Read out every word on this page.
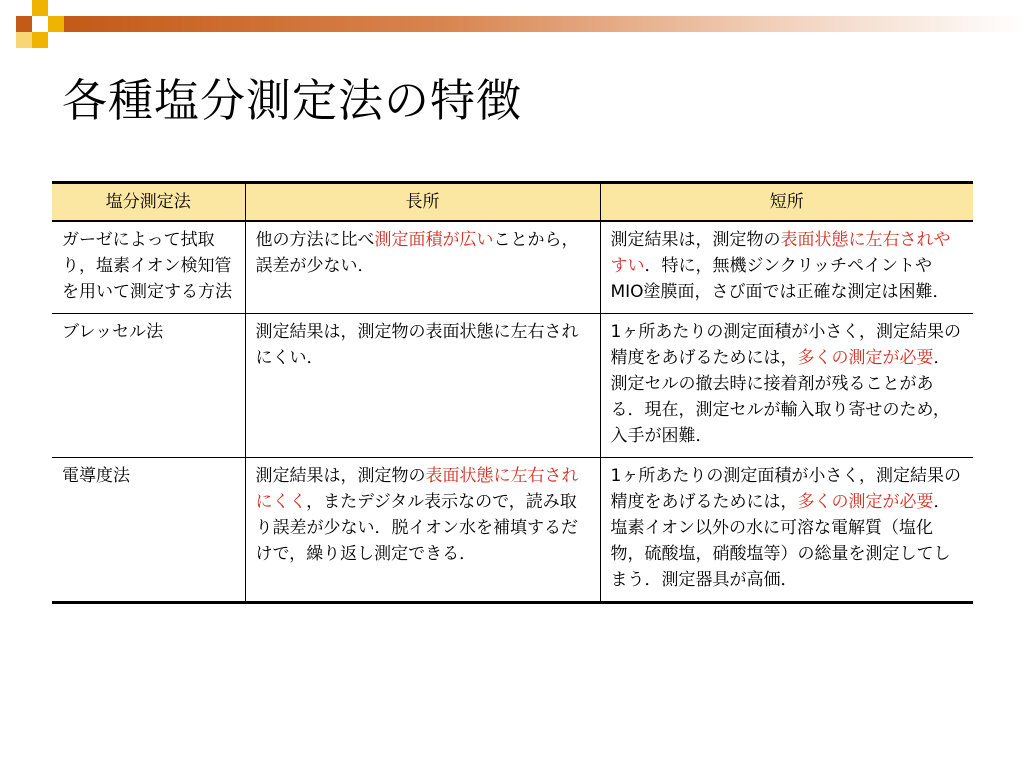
各種塩分測定法の特徴
塩分測定法	長所	短所
ガーゼによって拭取り，塩素イオン検知管を用いて測定する方法	他の方法に比べ測定面積が広いことから，誤差が少ない．	測定結果は，測定物の表面状態に左右されやすい．特に，無機ジンクリッチペイントやMIO塗膜面，さび面では正確な測定は困難．
ブレッセル法	測定結果は，測定物の表面状態に左右されにくい．	1ヶ所あたりの測定面積が小さく，測定結果の精度をあげるためには，多くの測定が必要．測定セルの撤去時に接着剤が残ることがある．現在，測定セルが輸入取り寄せのため，入手が困難．
電導度法	測定結果は，測定物の表面状態に左右されにくく，またデジタル表示なので，読み取り誤差が少ない．脱イオン水を補填するだけで，繰り返し測定できる．	1ヶ所あたりの測定面積が小さく，測定結果の精度をあげるためには，多くの測定が必要．塩素イオン以外の水に可溶な電解質（塩化物，硫酸塩，硝酸塩等）の総量を測定してしまう．測定器具が高価．
